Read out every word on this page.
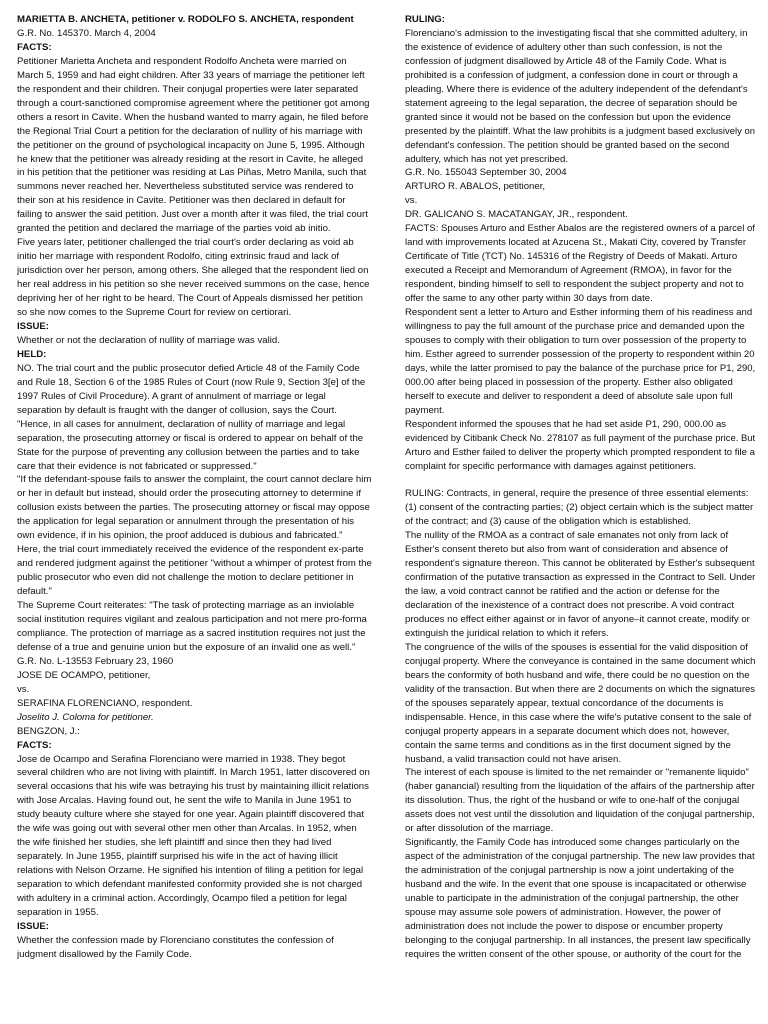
MARIETTA B. ANCHETA, petitioner v. RODOLFO S. ANCHETA, respondent
G.R. No. 145370. March 4, 2004
FACTS:
Petitioner Marietta Ancheta and respondent Rodolfo Ancheta were married on
March 5, 1959 and had eight children. After 33 years of marriage the petitioner left
the respondent and their children. Their conjugal properties were later separated
through a court-sanctioned compromise agreement where the petitioner got among
others a resort in Cavite. When the husband wanted to marry again, he filed before
the Regional Trial Court a petition for the declaration of nullity of his marriage with
the petitioner on the ground of psychological incapacity on June 5, 1995. Although
he knew that the petitioner was already residing at the resort in Cavite, he alleged
in his petition that the petitioner was residing at Las Piñas, Metro Manila, such that
summons never reached her. Nevertheless substituted service was rendered to
their son at his residence in Cavite. Petitioner was then declared in default for
failing to answer the said petition. Just over a month after it was filed, the trial court
granted the petition and declared the marriage of the parties void ab initio.
Five years later, petitioner challenged the trial court's order declaring as void ab
initio her marriage with respondent Rodolfo, citing extrinsic fraud and lack of
jurisdiction over her person, among others. She alleged that the respondent lied on
her real address in his petition so she never received summons on the case, hence
depriving her of her right to be heard. The Court of Appeals dismissed her petition
so she now comes to the Supreme Court for review on certiorari.
ISSUE:
Whether or not the declaration of nullity of marriage was valid.
HELD:
NO. The trial court and the public prosecutor defied Article 48 of the Family Code
and Rule 18, Section 6 of the 1985 Rules of Court (now Rule 9, Section 3[e] of the
1997 Rules of Civil Procedure). A grant of annulment of marriage or legal
separation by default is fraught with the danger of collusion, says the Court.
"Hence, in all cases for annulment, declaration of nullity of marriage and legal
separation, the prosecuting attorney or fiscal is ordered to appear on behalf of the
State for the purpose of preventing any collusion between the parties and to take
care that their evidence is not fabricated or suppressed."
"If the defendant-spouse fails to answer the complaint, the court cannot declare him
or her in default but instead, should order the prosecuting attorney to determine if
collusion exists between the parties. The prosecuting attorney or fiscal may oppose
the application for legal separation or annulment through the presentation of his
own evidence, if in his opinion, the proof adduced is dubious and fabricated."
Here, the trial court immediately received the evidence of the respondent ex-parte
and rendered judgment against the petitioner "without a whimper of protest from the
public prosecutor who even did not challenge the motion to declare petitioner in
default."
The Supreme Court reiterates: "The task of protecting marriage as an inviolable
social institution requires vigilant and zealous participation and not mere pro-forma
compliance. The protection of marriage as a sacred institution requires not just the
defense of a true and genuine union but the exposure of an invalid one as well."
G.R. No. L-13553 February 23, 1960
JOSE DE OCAMPO, petitioner,
vs.
SERAFINA FLORENCIANO, respondent.
Joselito J. Coloma for petitioner.
BENGZON, J.:
FACTS:
Jose de Ocampo and Serafina Florenciano were married in 1938. They begot
several children who are not living with plaintiff. In March 1951, latter discovered on
several occasions that his wife was betraying his trust by maintaining illicit relations
with Jose Arcalas. Having found out, he sent the wife to Manila in June 1951 to
study beauty culture where she stayed for one year. Again plaintiff discovered that
the wife was going out with several other men other than Arcalas. In 1952, when
the wife finished her studies, she left plaintiff and since then they had lived
separately. In June 1955, plaintiff surprised his wife in the act of having illicit
relations with Nelson Orzame. He signified his intention of filing a petition for legal
separation to which defendant manifested conformity provided she is not charged
with adultery in a criminal action. Accordingly, Ocampo filed a petition for legal
separation in 1955.
ISSUE:
Whether the confession made by Florenciano constitutes the confession of
judgment disallowed by the Family Code.
RULING:
Florenciano's admission to the investigating fiscal that she committed adultery, in
the existence of evidence of adultery other than such confession, is not the
confession of judgment disallowed by Article 48 of the Family Code. What is
prohibited is a confession of judgment, a confession done in court or through a
pleading. Where there is evidence of the adultery independent of the defendant's
statement agreeing to the legal separation, the decree of separation should be
granted since it would not be based on the confession but upon the evidence
presented by the plaintiff. What the law prohibits is a judgment based exclusively on
defendant's confession. The petition should be granted based on the second
adultery, which has not yet prescribed.
G.R. No. 155043 September 30, 2004
ARTURO R. ABALOS, petitioner,
vs.
DR. GALICANO S. MACATANGAY, JR., respondent.
FACTS: Spouses Arturo and Esther Abalos are the registered owners of a parcel of
land with improvements located at Azucena St., Makati City, covered by Transfer
Certificate of Title (TCT) No. 145316 of the Registry of Deeds of Makati. Arturo
executed a Receipt and Memorandum of Agreement (RMOA), in favor for the
respondent, binding himself to sell to respondent the subject property and not to
offer the same to any other party within 30 days from date.
Respondent sent a letter to Arturo and Esther informing them of his readiness and
willingness to pay the full amount of the purchase price and demanded upon the
spouses to comply with their obligation to turn over possession of the property to
him. Esther agreed to surrender possession of the property to respondent within 20
days, while the latter promised to pay the balance of the purchase price for P1, 290,
000.00 after being placed in possession of the property. Esther also obligated
herself to execute and deliver to respondent a deed of absolute sale upon full
payment.
Respondent informed the spouses that he had set aside P1, 290, 000.00 as
evidenced by Citibank Check No. 278107 as full payment of the purchase price. But
Arturo and Esther failed to deliver the property which prompted respondent to file a
complaint for specific performance with damages against petitioners.
RULING: Contracts, in general, require the presence of three essential elements:
(1) consent of the contracting parties; (2) object certain which is the subject matter
of the contract; and (3) cause of the obligation which is established.
The nullity of the RMOA as a contract of sale emanates not only from lack of
Esther's consent thereto but also from want of consideration and absence of
respondent's signature thereon. This cannot be obliterated by Esther's subsequent
confirmation of the putative transaction as expressed in the Contract to Sell. Under
the law, a void contract cannot be ratified and the action or defense for the
declaration of the inexistence of a contract does not prescribe. A void contract
produces no effect either against or in favor of anyone–it cannot create, modify or
extinguish the juridical relation to which it refers.
The congruence of the wills of the spouses is essential for the valid disposition of
conjugal property. Where the conveyance is contained in the same document which
bears the conformity of both husband and wife, there could be no question on the
validity of the transaction. But when there are 2 documents on which the signatures
of the spouses separately appear, textual concordance of the documents is
indispensable. Hence, in this case where the wife's putative consent to the sale of
conjugal property appears in a separate document which does not, however,
contain the same terms and conditions as in the first document signed by the
husband, a valid transaction could not have arisen.
The interest of each spouse is limited to the net remainder or "remanente liquido"
(haber ganancial) resulting from the liquidation of the affairs of the partnership after
its dissolution. Thus, the right of the husband or wife to one-half of the conjugal
assets does not vest until the dissolution and liquidation of the conjugal partnership,
or after dissolution of the marriage.
Significantly, the Family Code has introduced some changes particularly on the
aspect of the administration of the conjugal partnership. The new law provides that
the administration of the conjugal partnership is now a joint undertaking of the
husband and the wife. In the event that one spouse is incapacitated or otherwise
unable to participate in the administration of the conjugal partnership, the other
spouse may assume sole powers of administration. However, the power of
administration does not include the power to dispose or encumber property
belonging to the conjugal partnership. In all instances, the present law specifically
requires the written consent of the other spouse, or authority of the court for the
